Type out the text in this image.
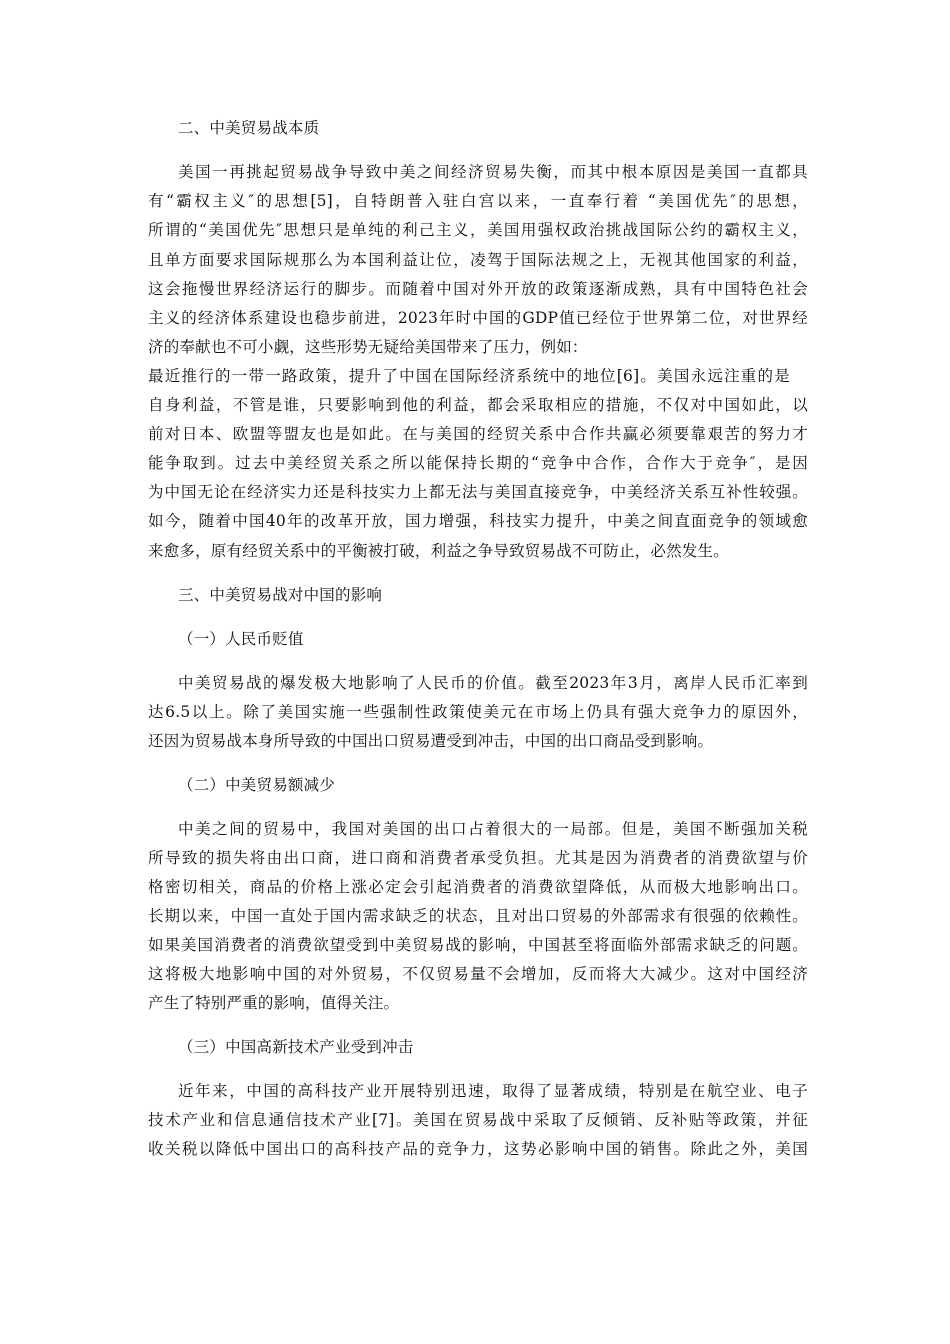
二、中美贸易战本质
美国一再挑起贸易战争导致中美之间经济贸易失衡，而其中根本原因是美国一直都具
有“霸权主义″的思想[5]，自特朗普入驻白宫以来，一直奉行着 “美国优先″的思想，
所谓的“美国优先″思想只是单纯的利己主义，美国用强权政治挑战国际公约的霸权主义，
且单方面要求国际规那么为本国利益让位，凌驾于国际法规之上，无视其他国家的利益，
这会拖慢世界经济运行的脚步。而随着中国对外开放的政策逐渐成熟，具有中国特色社会
主义的经济体系建设也稳步前进，2023年时中国的GDP值已经位于世界第二位，对世界经
济的奉献也不可小觑，这些形势无疑给美国带来了压力，例如：
最近推行的一带一路政策，提升了中国在国际经济系统中的地位[6]。美国永远注重的是
自身利益，不管是谁，只要影响到他的利益，都会采取相应的措施，不仅对中国如此，以
前对日本、欧盟等盟友也是如此。在与美国的经贸关系中合作共赢必须要靠艰苦的努力才
能争取到。过去中美经贸关系之所以能保持长期的“竞争中合作，合作大于竞争″，是因
为中国无论在经济实力还是科技实力上都无法与美国直接竞争，中美经济关系互补性较强。
如今，随着中国40年的改革开放，国力增强，科技实力提升，中美之间直面竞争的领域愈
来愈多，原有经贸关系中的平衡被打破，利益之争导致贸易战不可防止，必然发生。
三、中美贸易战对中国的影响
（一）人民币贬值
中美贸易战的爆发极大地影响了人民币的价值。截至2023年3月，离岸人民币汇率到
达6.5以上。除了美国实施一些强制性政策使美元在市场上仍具有强大竞争力的原因外，
还因为贸易战本身所导致的中国出口贸易遭受到冲击，中国的出口商品受到影响。
（二）中美贸易额减少
中美之间的贸易中，我国对美国的出口占着很大的一局部。但是，美国不断强加关税
所导致的损失将由出口商，进口商和消费者承受负担。尤其是因为消费者的消费欲望与价
格密切相关，商品的价格上涨必定会引起消费者的消费欲望降低，从而极大地影响出口。
长期以来，中国一直处于国内需求缺乏的状态，且对出口贸易的外部需求有很强的依赖性。
如果美国消费者的消费欲望受到中美贸易战的影响，中国甚至将面临外部需求缺乏的问题。
这将极大地影响中国的对外贸易，不仅贸易量不会增加，反而将大大减少。这对中国经济
产生了特别严重的影响，值得关注。
（三）中国高新技术产业受到冲击
近年来，中国的高科技产业开展特别迅速，取得了显著成绩，特别是在航空业、电子
技术产业和信息通信技术产业[7]。美国在贸易战中采取了反倾销、反补贴等政策，并征
收关税以降低中国出口的高科技产品的竞争力，这势必影响中国的销售。除此之外，美国
